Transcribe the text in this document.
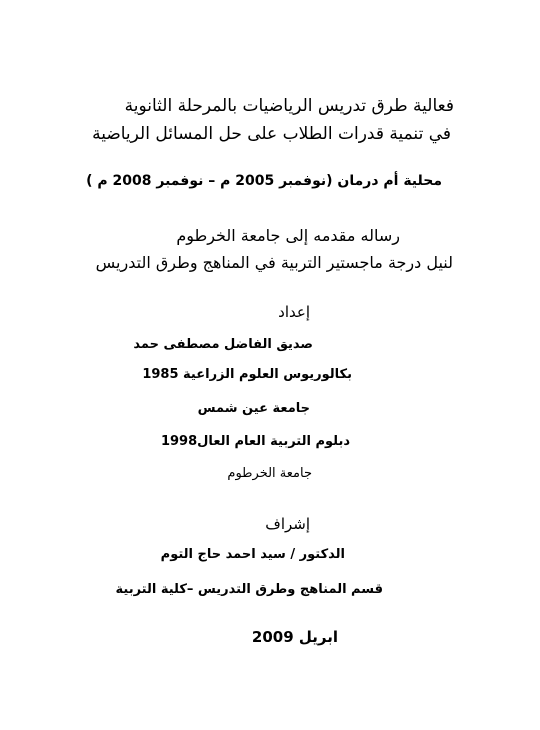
فعالية طرق تدريس الرياضيات بالمرحلة الثانوية
في تنمية قدرات الطلاب على حل المسائل الرياضية
محلية أم درمان (نوفمبر 2005 م – نوفمبر 2008 م )
رساله مقدمه إلى جامعة الخرطوم
لنيل درجة ماجستير التربية في المناهج وطرق التدريس
إعداد
صديق الفاضل مصطفى حمد
بكالوريوس العلوم الزراعية 1985
جامعة عين شمس
دبلوم التربية العام العال1998
جامعة الخرطوم
إشراف
الدكتور / سيد احمد حاج التوم
قسم المناهج وطرق التدريس –كلية التربية
ابريل 2009
